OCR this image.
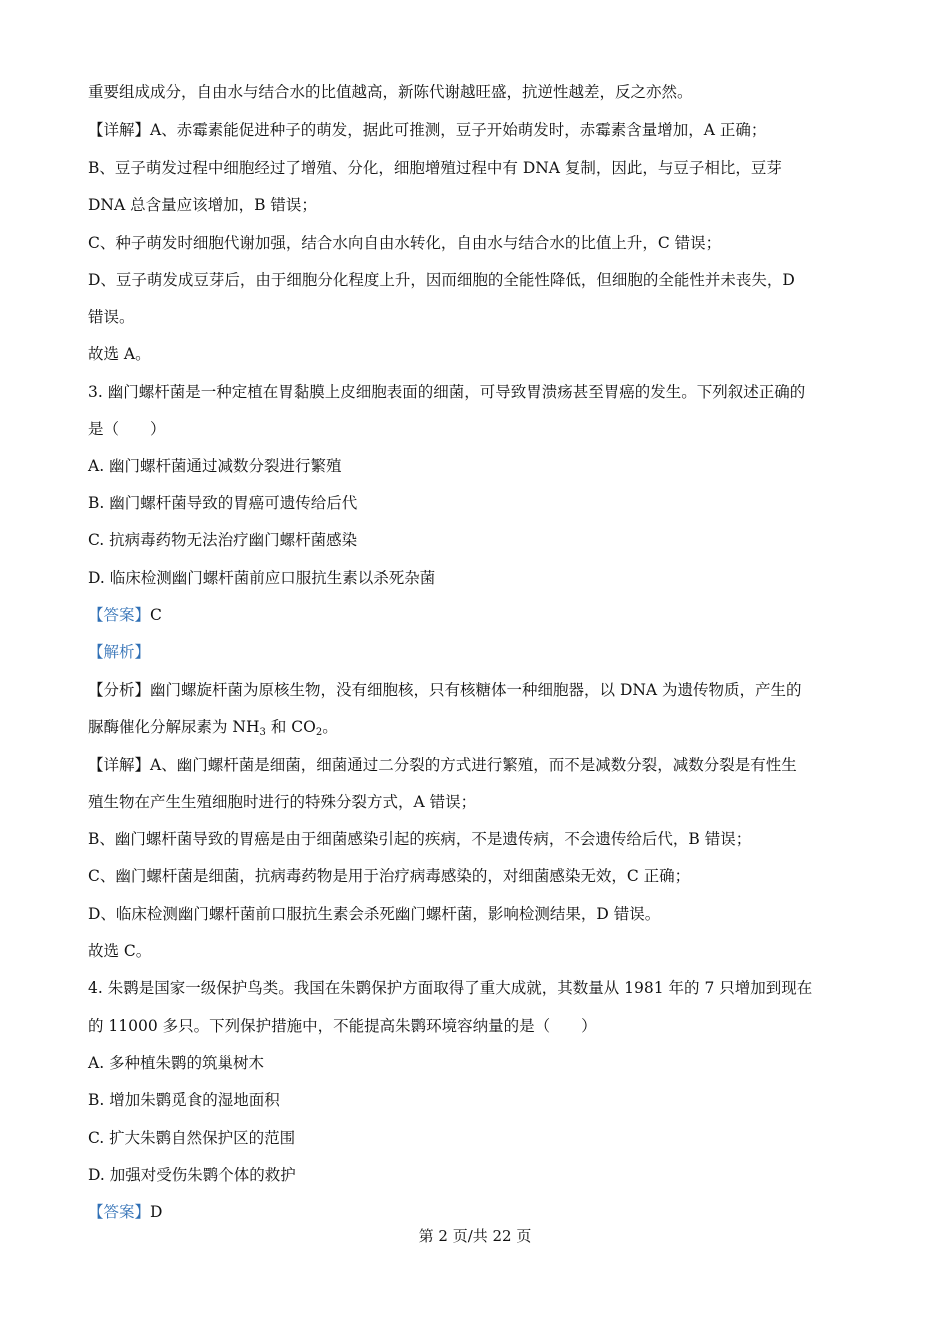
重要组成成分，自由水与结合水的比值越高，新陈代谢越旺盛，抗逆性越差，反之亦然。
【详解】A、赤霉素能促进种子的萌发，据此可推测，豆子开始萌发时，赤霉素含量增加，A 正确；
B、豆子萌发过程中细胞经过了增殖、分化，细胞增殖过程中有 DNA 复制，因此，与豆子相比，豆芽
DNA 总含量应该增加，B 错误；
C、种子萌发时细胞代谢加强，结合水向自由水转化，自由水与结合水的比值上升，C 错误；
D、豆子萌发成豆芽后，由于细胞分化程度上升，因而细胞的全能性降低，但细胞的全能性并未丧失，D
错误。
故选 A。
3. 幽门螺杆菌是一种定植在胃黏膜上皮细胞表面的细菌，可导致胃溃疡甚至胃癌的发生。下列叙述正确的
是（　　）
A. 幽门螺杆菌通过减数分裂进行繁殖
B. 幽门螺杆菌导致的胃癌可遗传给后代
C. 抗病毒药物无法治疗幽门螺杆菌感染
D. 临床检测幽门螺杆菌前应口服抗生素以杀死杂菌
【答案】C
【解析】
【分析】幽门螺旋杆菌为原核生物，没有细胞核，只有核糖体一种细胞器，以 DNA 为遗传物质，产生的
脲酶催化分解尿素为 $NH_3$ 和 $CO_2$。
【详解】A、幽门螺杆菌是细菌，细菌通过二分裂的方式进行繁殖，而不是减数分裂，减数分裂是有性生
殖生物在产生生殖细胞时进行的特殊分裂方式，A 错误；
B、幽门螺杆菌导致的胃癌是由于细菌感染引起的疾病，不是遗传病，不会遗传给后代，B 错误；
C、幽门螺杆菌是细菌，抗病毒药物是用于治疗病毒感染的，对细菌感染无效，C 正确；
D、临床检测幽门螺杆菌前口服抗生素会杀死幽门螺杆菌，影响检测结果，D 错误。
故选 C。
4. 朱鹮是国家一级保护鸟类。我国在朱鹮保护方面取得了重大成就，其数量从 1981 年的 7 只增加到现在
的 11000 多只。下列保护措施中，不能提高朱鹮环境容纳量的是（　　）
A. 多种植朱鹮的筑巢树木
B. 增加朱鹮觅食的湿地面积
C. 扩大朱鹮自然保护区的范围
D. 加强对受伤朱鹮个体的救护
【答案】D
第 2 页/共 22 页
